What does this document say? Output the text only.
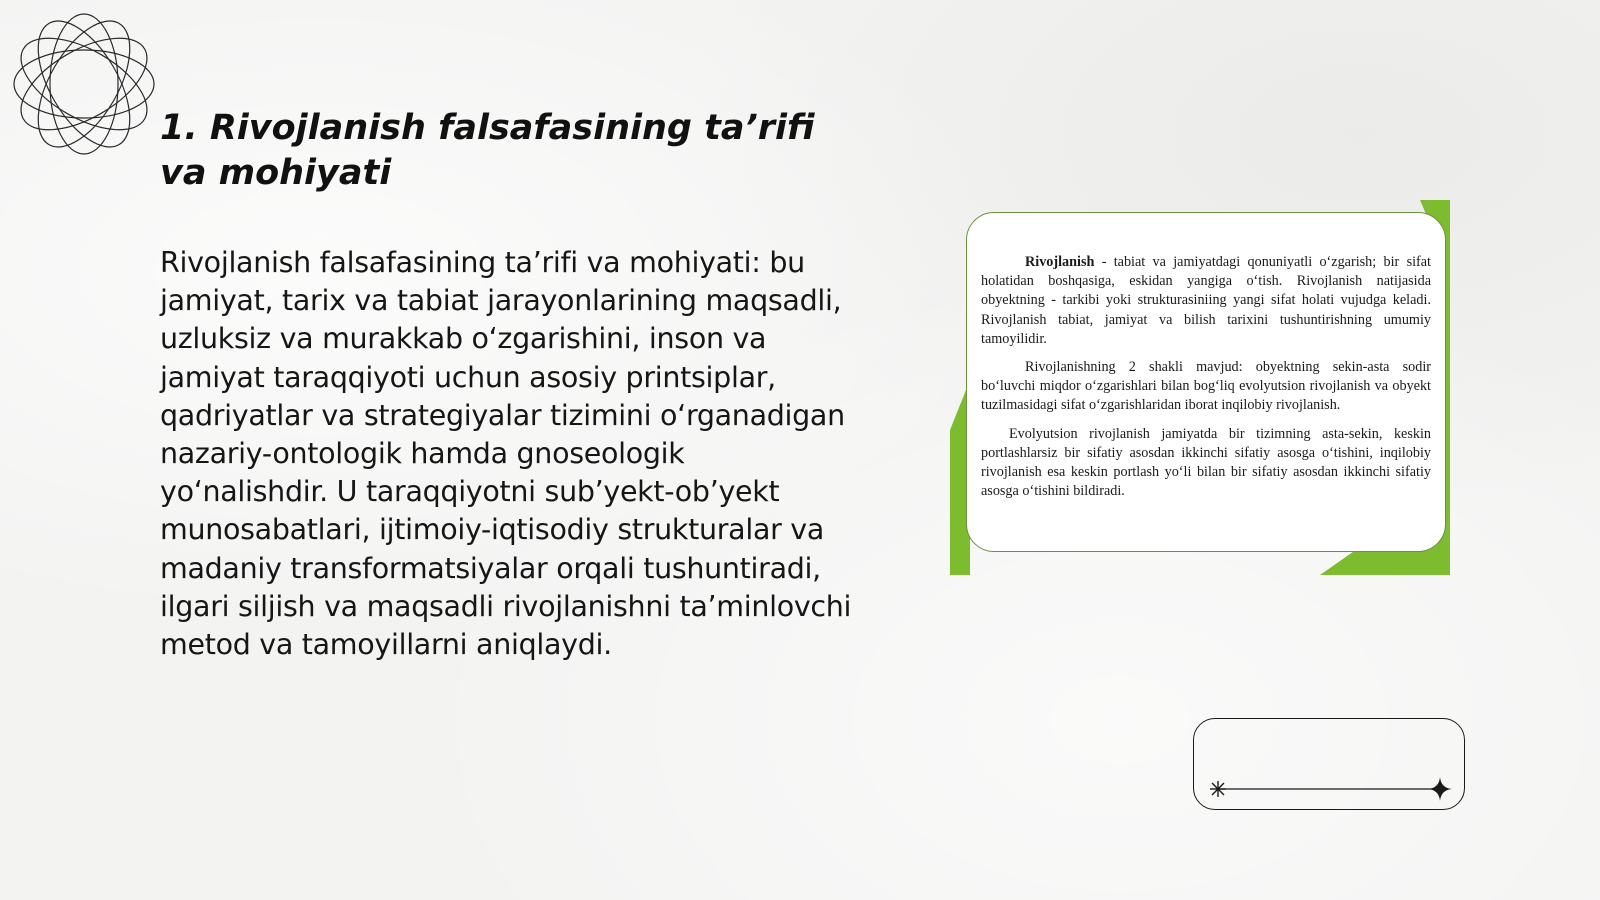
1. Rivojlanish falsafasining ta’rifi va mohiyati

Rivojlanish falsafasining ta’rifi va mohiyati: bu jamiyat, tarix va tabiat jarayonlarining maqsadli, uzluksiz va murakkab o‘zgarishini, inson va jamiyat taraqqiyoti uchun asosiy printsiplar, qadriyatlar va strategiyalar tizimini o‘rganadigan nazariy-ontologik hamda gnoseologik yo‘nalishdir. U taraqqiyotni sub’yekt-ob’yekt munosabatlari, ijtimoiy-iqtisodiy strukturalar va madaniy transformatsiyalar orqali tushuntiradi, ilgari siljish va maqsadli rivojlanishni ta’minlovchi metod va tamoyillarni aniqlaydi.

Rivojlanish - tabiat va jamiyatdagi qonuniyatli o‘zgarish; bir sifat holatidan boshqasiga, eskidan yangiga o‘tish. Rivojlanish natijasida obyektning - tarkibi yoki strukturasiniing yangi sifat holati vujudga keladi. Rivojlanish tabiat, jamiyat va bilish tarixini tushuntirishning umumiy tamoyilidir.

Rivojlanishning 2 shakli mavjud: obyektning sekin-asta sodir bo‘luvchi miqdor o‘zgarishlari bilan bog‘liq evolyutsion rivojlanish va obyekt tuzilmasidagi sifat o‘zgarishlaridan iborat inqilobiy rivojlanish.

Evolyutsion rivojlanish jamiyatda bir tizimning asta-sekin, keskin portlashlarsiz bir sifatiy asosdan ikkinchi sifatiy asosga o‘tishini, inqilobiy rivojlanish esa keskin portlash yo‘li bilan bir sifatiy asosdan ikkinchi sifatiy asosga o‘tishini bildiradi.
